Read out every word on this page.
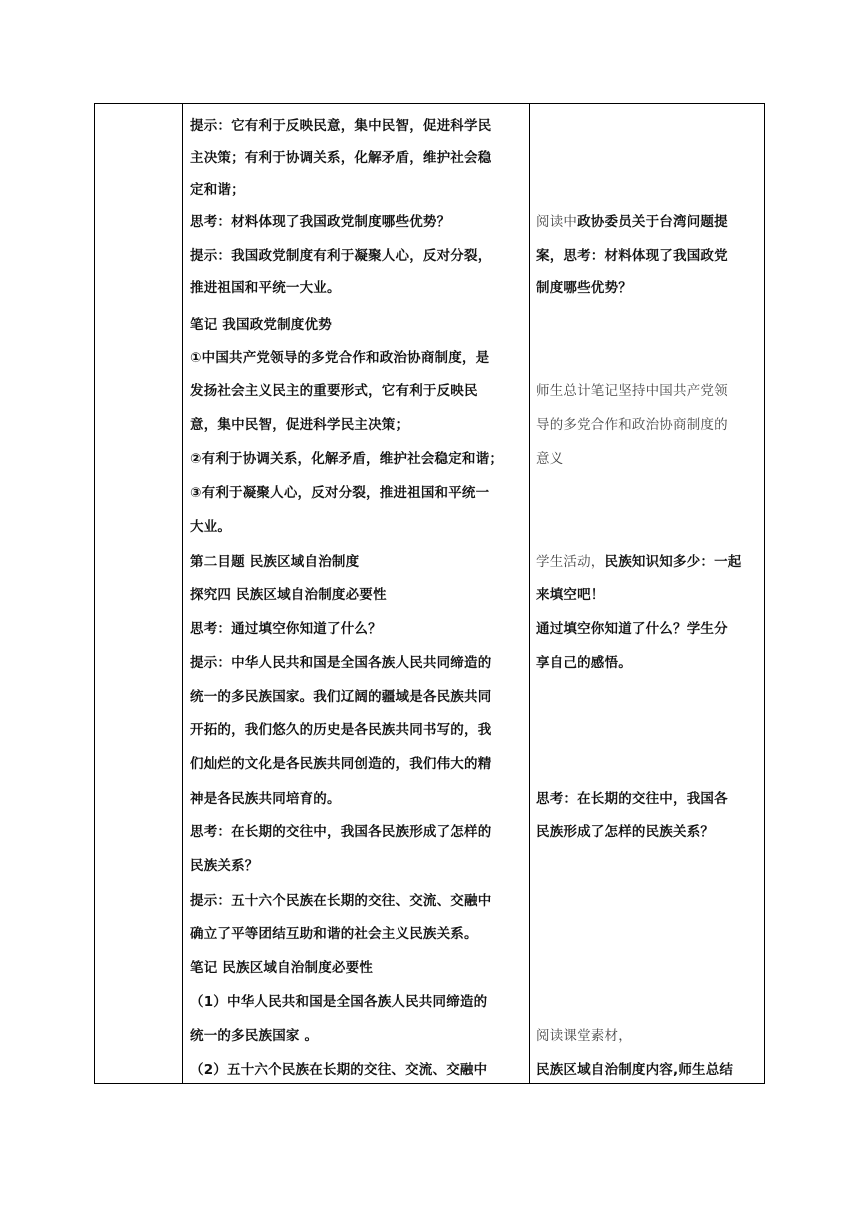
提示：它有利于反映民意，集中民智，促进科学民
主决策；有利于协调关系，化解矛盾，维护社会稳
定和谐；
思考：材料体现了我国政党制度哪些优势？
提示：我国政党制度有利于凝聚人心，反对分裂，
推进祖国和平统一大业。
笔记 我国政党制度优势
①中国共产党领导的多党合作和政治协商制度，是
发扬社会主义民主的重要形式，它有利于反映民
意，集中民智，促进科学民主决策；
②有利于协调关系，化解矛盾，维护社会稳定和谐；
③有利于凝聚人心，反对分裂，推进祖国和平统一
大业。
第二目题 民族区域自治制度
探究四 民族区域自治制度必要性
思考：通过填空你知道了什么？
提示：中华人民共和国是全国各族人民共同缔造的
统一的多民族国家。我们辽阔的疆域是各民族共同
开拓的，我们悠久的历史是各民族共同书写的，我
们灿烂的文化是各民族共同创造的，我们伟大的精
神是各民族共同培育的。
思考：在长期的交往中，我国各民族形成了怎样的
民族关系？
提示：五十六个民族在长期的交往、交流、交融中
确立了平等团结互助和谐的社会主义民族关系。
笔记 民族区域自治制度必要性
（1）中华人民共和国是全国各族人民共同缔造的
统一的多民族国家 。
（2）五十六个民族在长期的交往、交流、交融中
阅读中政协委员关于台湾问题提
案，思考：材料体现了我国政党
制度哪些优势？
师生总计笔记坚持中国共产党领
导的多党合作和政治协商制度的
意义
学生活动，民族知识知多少：一起
来填空吧！
通过填空你知道了什么？学生分
享自己的感悟。
思考：在长期的交往中，我国各
民族形成了怎样的民族关系？
阅读课堂素材，
民族区域自治制度内容,师生总结
